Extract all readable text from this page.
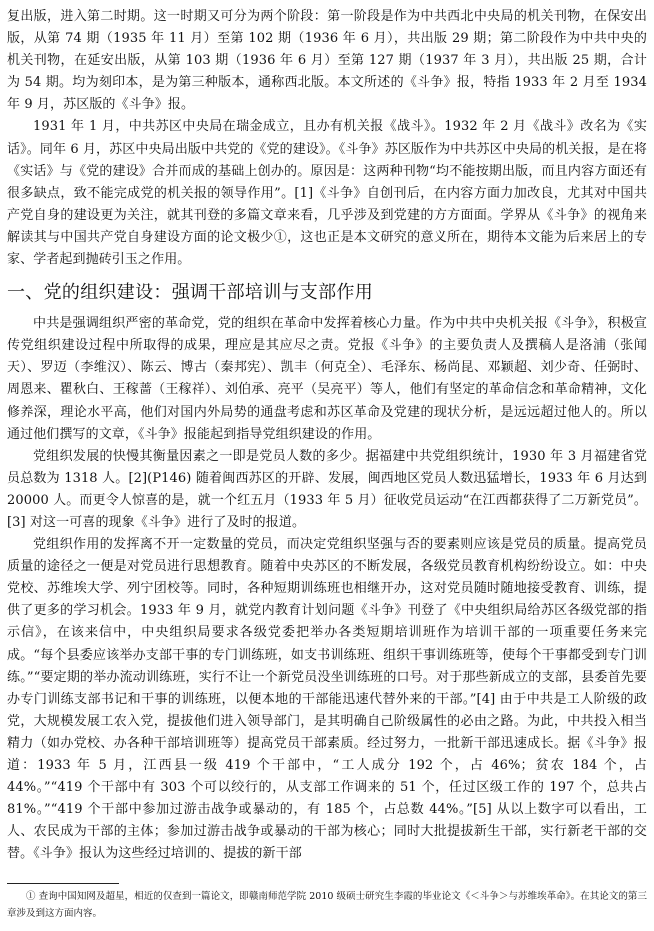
复出版，进入第二时期。这一时期又可分为两个阶段：第一阶段是作为中共西北中央局的机关刊物，在保安出版，从第 74 期（1935 年 11 月）至第 102 期（1936 年 6 月），共出版 29 期；第二阶段作为中共中央的机关刊物，在延安出版，从第 103 期（1936 年 6 月）至第 127 期（1937 年 3 月），共出版 25 期，合计为 54 期。均为刻印本，是为第三种版本，通称西北版。本文所述的《斗争》报，特指 1933 年 2 月至 1934 年 9 月，苏区版的《斗争》报。

1931 年 1 月，中共苏区中央局在瑞金成立，且办有机关报《战斗》。1932 年 2 月《战斗》改名为《实话》。同年 6 月，苏区中央局出版中共党的《党的建设》。《斗争》苏区版作为中共苏区中央局的机关报，是在将《实话》与《党的建设》合并而成的基础上创办的。原因是：这两种刊物“均不能按期出版，而且内容方面还有很多缺点，致不能完成党的机关报的领导作用”。[1]《斗争》自创刊后，在内容方面力加改良，尤其对中国共产党自身的建设更为关注，就其刊登的多篇文章来看，几乎涉及到党建的方方面面。学界从《斗争》的视角来解读其与中国共产党自身建设方面的论文极少①，这也正是本文研究的意义所在，期待本文能为后来居上的专家、学者起到抛砖引玉之作用。

一、党的组织建设：强调干部培训与支部作用

中共是强调组织严密的革命党，党的组织在革命中发挥着核心力量。作为中共中央机关报《斗争》，积极宣传党组织建设过程中所取得的成果，理应是其应尽之责。党报《斗争》的主要负责人及撰稿人是洛浦（张闻天）、罗迈（李维汉）、陈云、博古（秦邦宪）、凯丰（何克全）、毛泽东、杨尚昆、邓颖超、刘少奇、任弼时、周恩来、瞿秋白、王稼蔷（王稼祥）、刘伯承、亮平（吴亮平）等人，他们有坚定的革命信念和革命精神，文化修养深，理论水平高，他们对国内外局势的通盘考虑和苏区革命及党建的现状分析，是远远超过他人的。所以通过他们撰写的文章，《斗争》报能起到指导党组织建设的作用。

党组织发展的快慢其衡量因素之一即是党员人数的多少。据福建中共党组织统计，1930 年 3 月福建省党员总数为 1318 人。[2](P146) 随着闽西苏区的开辟、发展，闽西地区党员人数迅猛增长，1933 年 6 月达到 20000 人。而更令人惊喜的是，就一个红五月（1933 年 5 月）征收党员运动“在江西都获得了二万新党员”。[3] 对这一可喜的现象《斗争》进行了及时的报道。

党组织作用的发挥离不开一定数量的党员，而决定党组织坚强与否的要素则应该是党员的质量。提高党员质量的途径之一便是对党员进行思想教育。随着中央苏区的不断发展，各级党员教育机构纷纷设立。如：中央党校、苏维埃大学、列宁团校等。同时，各种短期训练班也相继开办，这对党员随时随地接受教育、训练，提供了更多的学习机会。1933 年 9 月，就党内教育计划问题《斗争》刊登了《中央组织局给苏区各级党部的指示信》，在该来信中，中央组织局要求各级党委把举办各类短期培训班作为培训干部的一项重要任务来完成。“每个县委应该举办支部干事的专门训练班，如支书训练班、组织干事训练班等，使每个干事都受到专门训练。”“要定期的举办流动训练班，实行不让一个新党员没坐训练班的口号。对于那些新成立的支部，县委首先要办专门训练支部书记和干事的训练班，以便本地的干部能迅速代替外来的干部。”[4] 由于中共是工人阶级的政党，大规模发展工农入党，提拔他们进入领导部门，是其明确自己阶级属性的必由之路。为此，中共投入相当精力（如办党校、办各种干部培训班等）提高党员干部素质。经过努力，一批新干部迅速成长。据《斗争》报道：1933 年 5 月，江西县一级 419 个干部中，“工人成分 192 个，占 46%；贫农 184 个，占 44%。”“419 个干部中有 303 个可以绞行的，从支部工作调来的 51 个，任过区级工作的 197 个，总共占 81%。”“419 个干部中参加过游击战争或暴动的，有 185 个，占总数 44%。”[5] 从以上数字可以看出，工人、农民成为干部的主体；参加过游击战争或暴动的干部为核心；同时大批提拔新生干部，实行新老干部的交替。《斗争》报认为这些经过培训的、提拔的新干部

① 查询中国知网及超星，相近的仅查到一篇论文，即赣南师范学院 2010 级硕士研究生李霞的毕业论文《＜斗争＞与苏维埃革命》。在其论文的第三章涉及到这方面内容。
